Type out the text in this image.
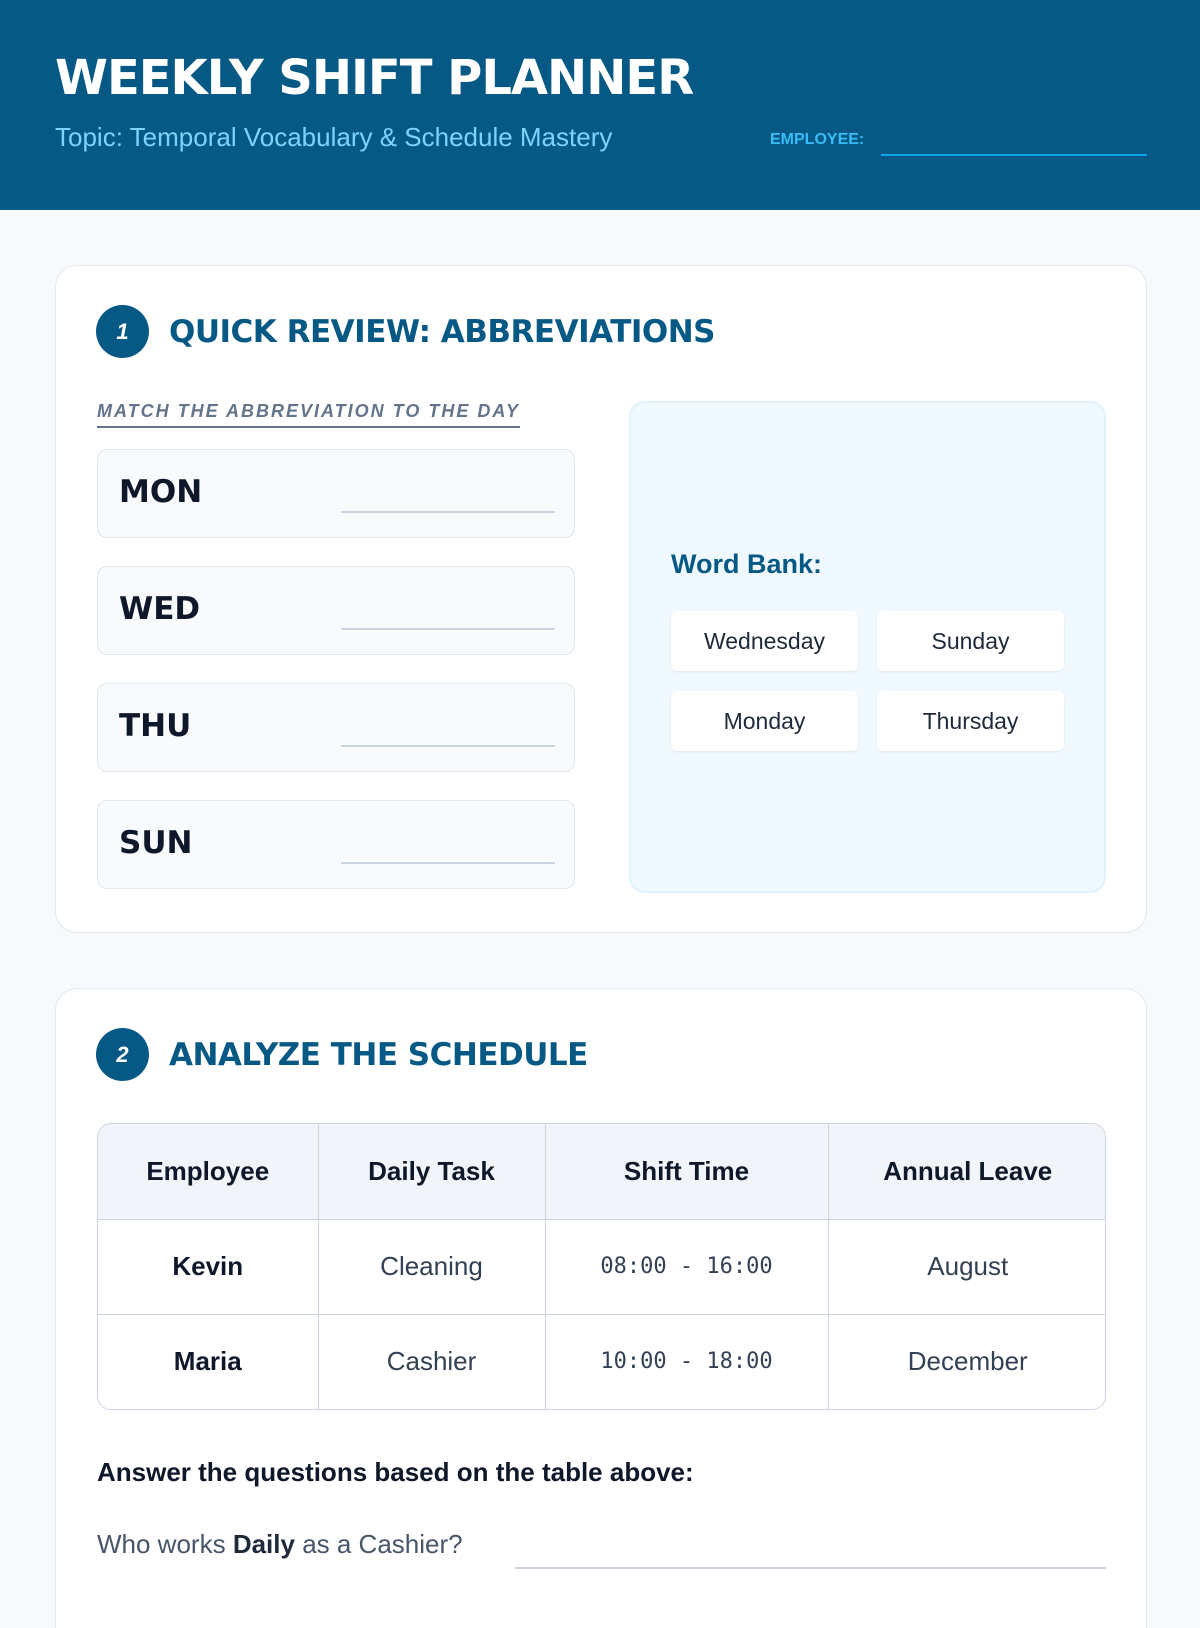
WEEKLY SHIFT PLANNER
Topic: Temporal Vocabulary & Schedule Mastery	EMPLOYEE:
1	QUICK REVIEW: ABBREVIATIONS
MATCH THE ABBREVIATION TO THE DAY
MON
WED
THU
SUN
Word Bank:
Wednesday	Sunday
Monday	Thursday
2	ANALYZE THE SCHEDULE
Employee	Daily Task	Shift Time	Annual Leave
Kevin	Cleaning	08:00 - 16:00	August
Maria	Cashier	10:00 - 18:00	December
Answer the questions based on the table above:
Who works Daily as a Cashier?
